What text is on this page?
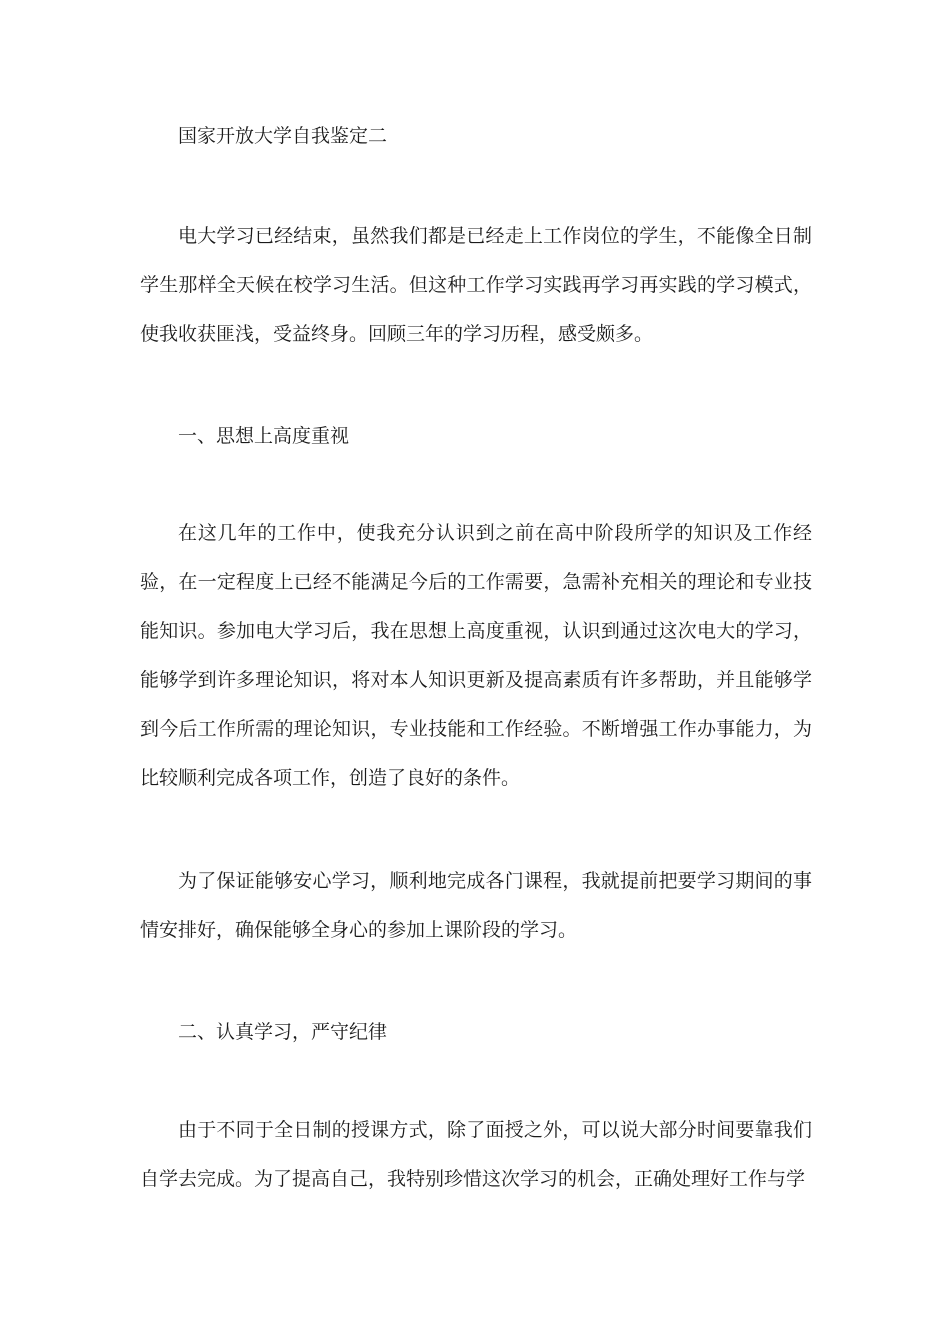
国家开放大学自我鉴定二

电大学习已经结束，虽然我们都是已经走上工作岗位的学生，不能像全日制学生那样全天候在校学习生活。但这种工作学习实践再学习再实践的学习模式，使我收获匪浅，受益终身。回顾三年的学习历程，感受颇多。

一、思想上高度重视

在这几年的工作中，使我充分认识到之前在高中阶段所学的知识及工作经验，在一定程度上已经不能满足今后的工作需要，急需补充相关的理论和专业技能知识。参加电大学习后，我在思想上高度重视，认识到通过这次电大的学习，能够学到许多理论知识，将对本人知识更新及提高素质有许多帮助，并且能够学到今后工作所需的理论知识，专业技能和工作经验。不断增强工作办事能力，为比较顺利完成各项工作，创造了良好的条件。

为了保证能够安心学习，顺利地完成各门课程，我就提前把要学习期间的事情安排好，确保能够全身心的参加上课阶段的学习。

二、认真学习，严守纪律

由于不同于全日制的授课方式，除了面授之外，可以说大部分时间要靠我们自学去完成。为了提高自己，我特别珍惜这次学习的机会，正确处理好工作与学
